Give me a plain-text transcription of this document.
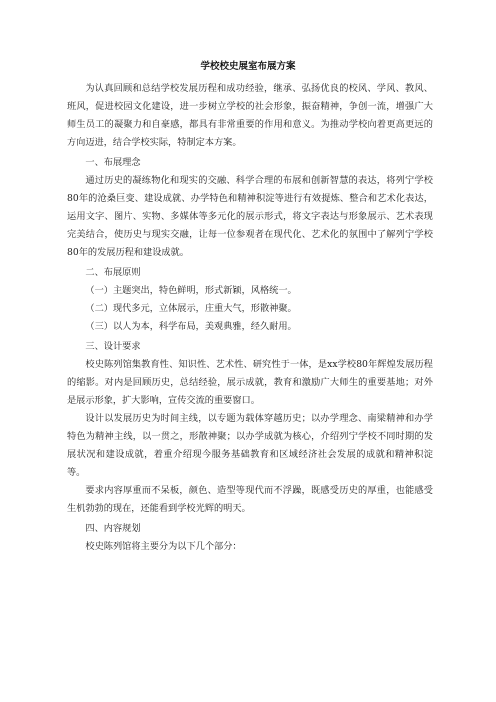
学校校史展室布展方案

为认真回顾和总结学校发展历程和成功经验，继承、弘扬优良的校风、学风、教风、班风，促进校园文化建设，进一步树立学校的社会形象，振奋精神，争创一流，增强广大师生员工的凝聚力和自豪感，都具有非常重要的作用和意义。为推动学校向着更高更远的方向迈进，结合学校实际，特制定本方案。

一、布展理念

通过历史的凝练物化和现实的交融、科学合理的布展和创新智慧的表达，将列宁学校80年的沧桑巨变、建设成就、办学特色和精神积淀等进行有效提炼、整合和艺术化表达，运用文字、图片、实物、多媒体等多元化的展示形式，将文字表达与形象展示、艺术表现完美结合，使历史与现实交融，让每一位参观者在现代化、艺术化的氛围中了解列宁学校80年的发展历程和建设成就。

二、布展原则

（一）主题突出，特色鲜明，形式新颖，风格统一。

（二）现代多元，立体展示，庄重大气，形散神聚。

（三）以人为本，科学布局，美观典雅，经久耐用。

三、设计要求

校史陈列馆集教育性、知识性、艺术性、研究性于一体，是xx学校80年辉煌发展历程的缩影。对内是回顾历史，总结经验，展示成就，教育和激励广大师生的重要基地；对外是展示形象，扩大影响，宣传交流的重要窗口。

设计以发展历史为时间主线，以专题为载体穿越历史；以办学理念、南梁精神和办学特色为精神主线，以一贯之，形散神聚；以办学成就为核心，介绍列宁学校不同时期的发展状况和建设成就，着重介绍现今服务基础教育和区域经济社会发展的成就和精神积淀等。

要求内容厚重而不呆板，颜色、造型等现代而不浮躁，既感受历史的厚重，也能感受生机勃勃的现在，还能看到学校光辉的明天。

四、内容规划

校史陈列馆将主要分为以下几个部分：
